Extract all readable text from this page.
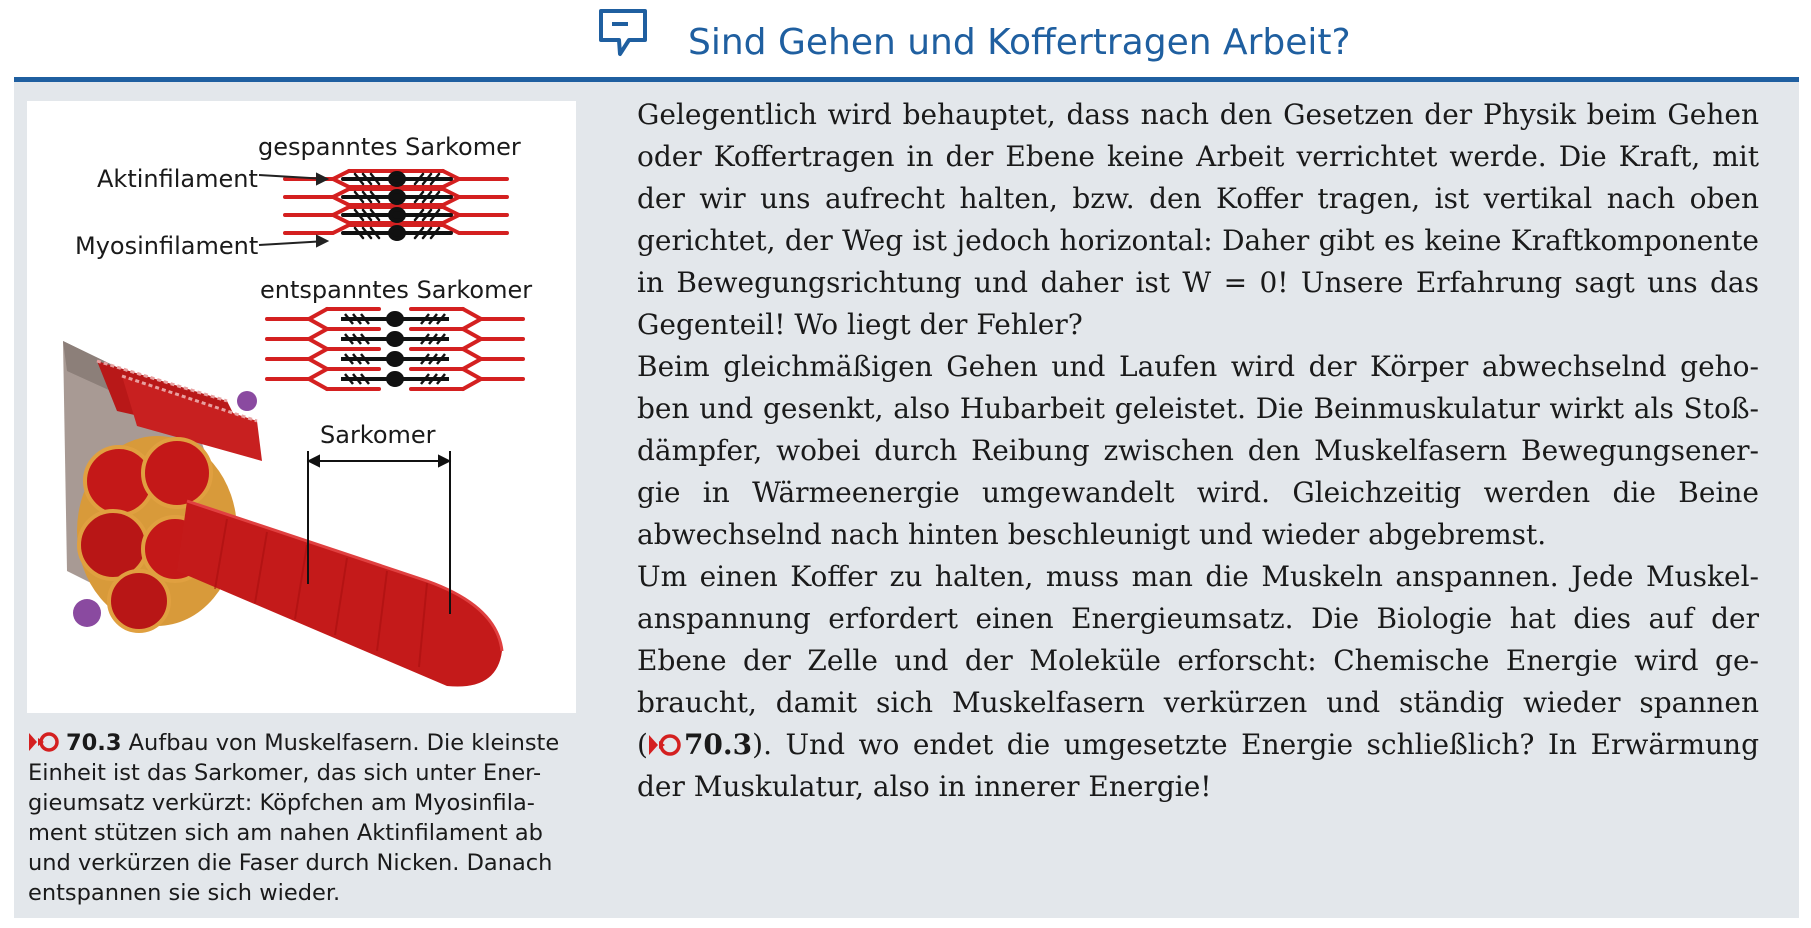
Sind Gehen und Koffertragen Arbeit?
gespanntes Sarkomer
Aktinfilament
Myosinfilament
entspanntes Sarkomer
Sarkomer
70.3 Aufbau von Muskelfasern. Die kleinste
Einheit ist das Sarkomer, das sich unter Ener-
gieumsatz verkürzt: Köpfchen am Myosinfila-
ment stützen sich am nahen Aktinfilament ab
und verkürzen die Faser durch Nicken. Danach
entspannen sie sich wieder.
Gelegentlich wird behauptet, dass nach den Gesetzen der Physik beim Gehen
oder Koffertragen in der Ebene keine Arbeit verrichtet werde. Die Kraft, mit
der wir uns aufrecht halten, bzw. den Koffer tragen, ist vertikal nach oben
gerichtet, der Weg ist jedoch horizontal: Daher gibt es keine Kraftkomponente
in Bewegungsrichtung und daher ist W = 0! Unsere Erfahrung sagt uns das
Gegenteil! Wo liegt der Fehler?
Beim gleichmäßigen Gehen und Laufen wird der Körper abwechselnd geho-
ben und gesenkt, also Hubarbeit geleistet. Die Beinmuskulatur wirkt als Stoß-
dämpfer, wobei durch Reibung zwischen den Muskelfasern Bewegungsener-
gie in Wärmeenergie umgewandelt wird. Gleichzeitig werden die Beine
abwechselnd nach hinten beschleunigt und wieder abgebremst.
Um einen Koffer zu halten, muss man die Muskeln anspannen. Jede Muskel-
anspannung erfordert einen Energieumsatz. Die Biologie hat dies auf der
Ebene der Zelle und der Moleküle erforscht: Chemische Energie wird ge-
braucht, damit sich Muskelfasern verkürzen und ständig wieder spannen
( 70.3). Und wo endet die umgesetzte Energie schließlich? In Erwärmung
der Muskulatur, also in innerer Energie!
